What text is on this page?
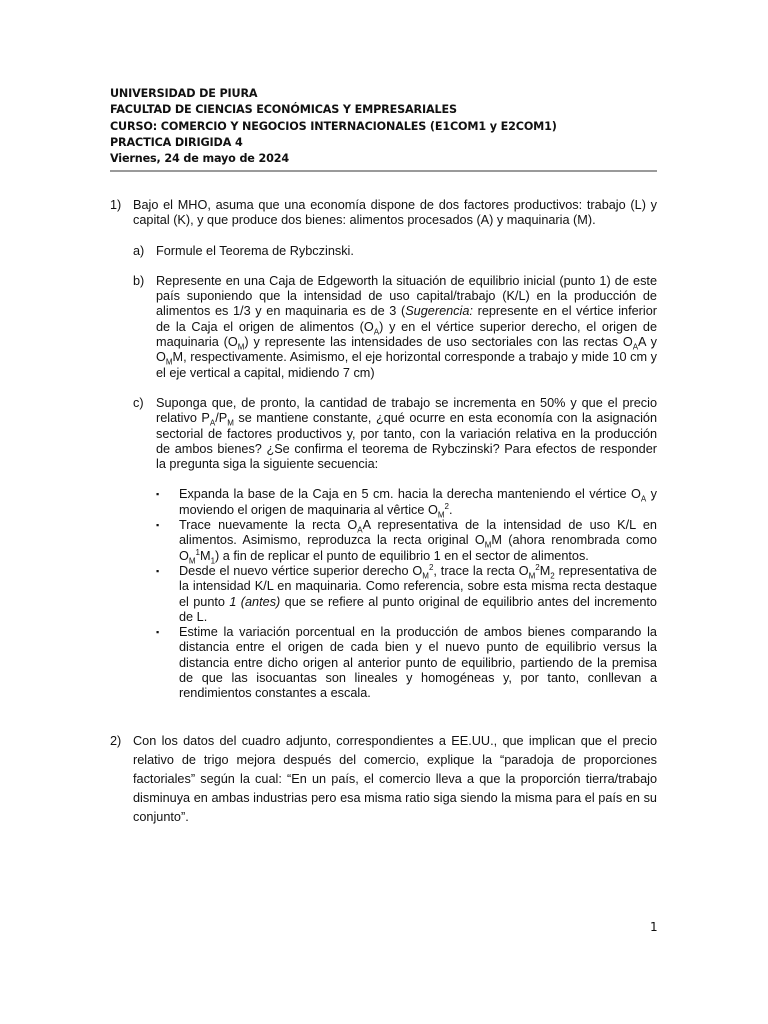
UNIVERSIDAD DE PIURA
FACULTAD DE CIENCIAS ECONÓMICAS Y EMPRESARIALES
CURSO: COMERCIO Y NEGOCIOS INTERNACIONALES (E1COM1 y E2COM1)
PRACTICA DIRIGIDA 4
Viernes, 24 de mayo de 2024
1) Bajo el MHO, asuma que una economía dispone de dos factores productivos: trabajo (L) y capital (K), y que produce dos bienes: alimentos procesados (A) y maquinaria (M).
a) Formule el Teorema de Rybczinski.
b) Represente en una Caja de Edgeworth la situación de equilibrio inicial (punto 1) de este país suponiendo que la intensidad de uso capital/trabajo (K/L) en la producción de alimentos es 1/3 y en maquinaria es de 3 (Sugerencia: represente en el vértice inferior de la Caja el origen de alimentos $(O_A)$ y en el vértice superior derecho, el origen de maquinaria $(O_M)$ y represente las intensidades de uso sectoriales con las rectas $O_AA$ y $O_MM$, respectivamente. Asimismo, el eje horizontal corresponde a trabajo y mide 10 cm y el eje vertical a capital, midiendo 7 cm)
c) Suponga que, de pronto, la cantidad de trabajo se incrementa en 50% y que el precio relativo $P_A/P_M$ se mantiene constante, ¿qué ocurre en esta economía con la asignación sectorial de factores productivos y, por tanto, con la variación relativa en la producción de ambos bienes? ¿Se confirma el teorema de Rybczinski? Para efectos de responder la pregunta siga la siguiente secuencia:
▪	Expanda la base de la Caja en 5 cm. hacia la derecha manteniendo el vértice $O_A$ y moviendo el origen de maquinaria al vêrtice $O_M^2$.
▪	Trace nuevamente la recta $O_AA$ representativa de la intensidad de uso K/L en alimentos. Asimismo, reproduzca la recta original $O_MM$ (ahora renombrada como $O_M^1M_1$) a fin de replicar el punto de equilibrio 1 en el sector de alimentos.
▪	Desde el nuevo vértice superior derecho $O_M^2$, trace la recta $O_M^2M_2$ representativa de la intensidad K/L en maquinaria. Como referencia, sobre esta misma recta destaque el punto 1 (antes) que se refiere al punto original de equilibrio antes del incremento de L.
▪	Estime la variación porcentual en la producción de ambos bienes comparando la distancia entre el origen de cada bien y el nuevo punto de equilibrio versus la distancia entre dicho origen al anterior punto de equilibrio, partiendo de la premisa de que las isocuantas son lineales y homogéneas y, por tanto, conllevan a rendimientos constantes a escala.
2) Con los datos del cuadro adjunto, correspondientes a EE.UU., que implican que el precio relativo de trigo mejora después del comercio, explique la “paradoja de proporciones factoriales” según la cual: “En un país, el comercio lleva a que la proporción tierra/trabajo disminuya en ambas industrias pero esa misma ratio siga siendo la misma para el país en su conjunto”.
1
